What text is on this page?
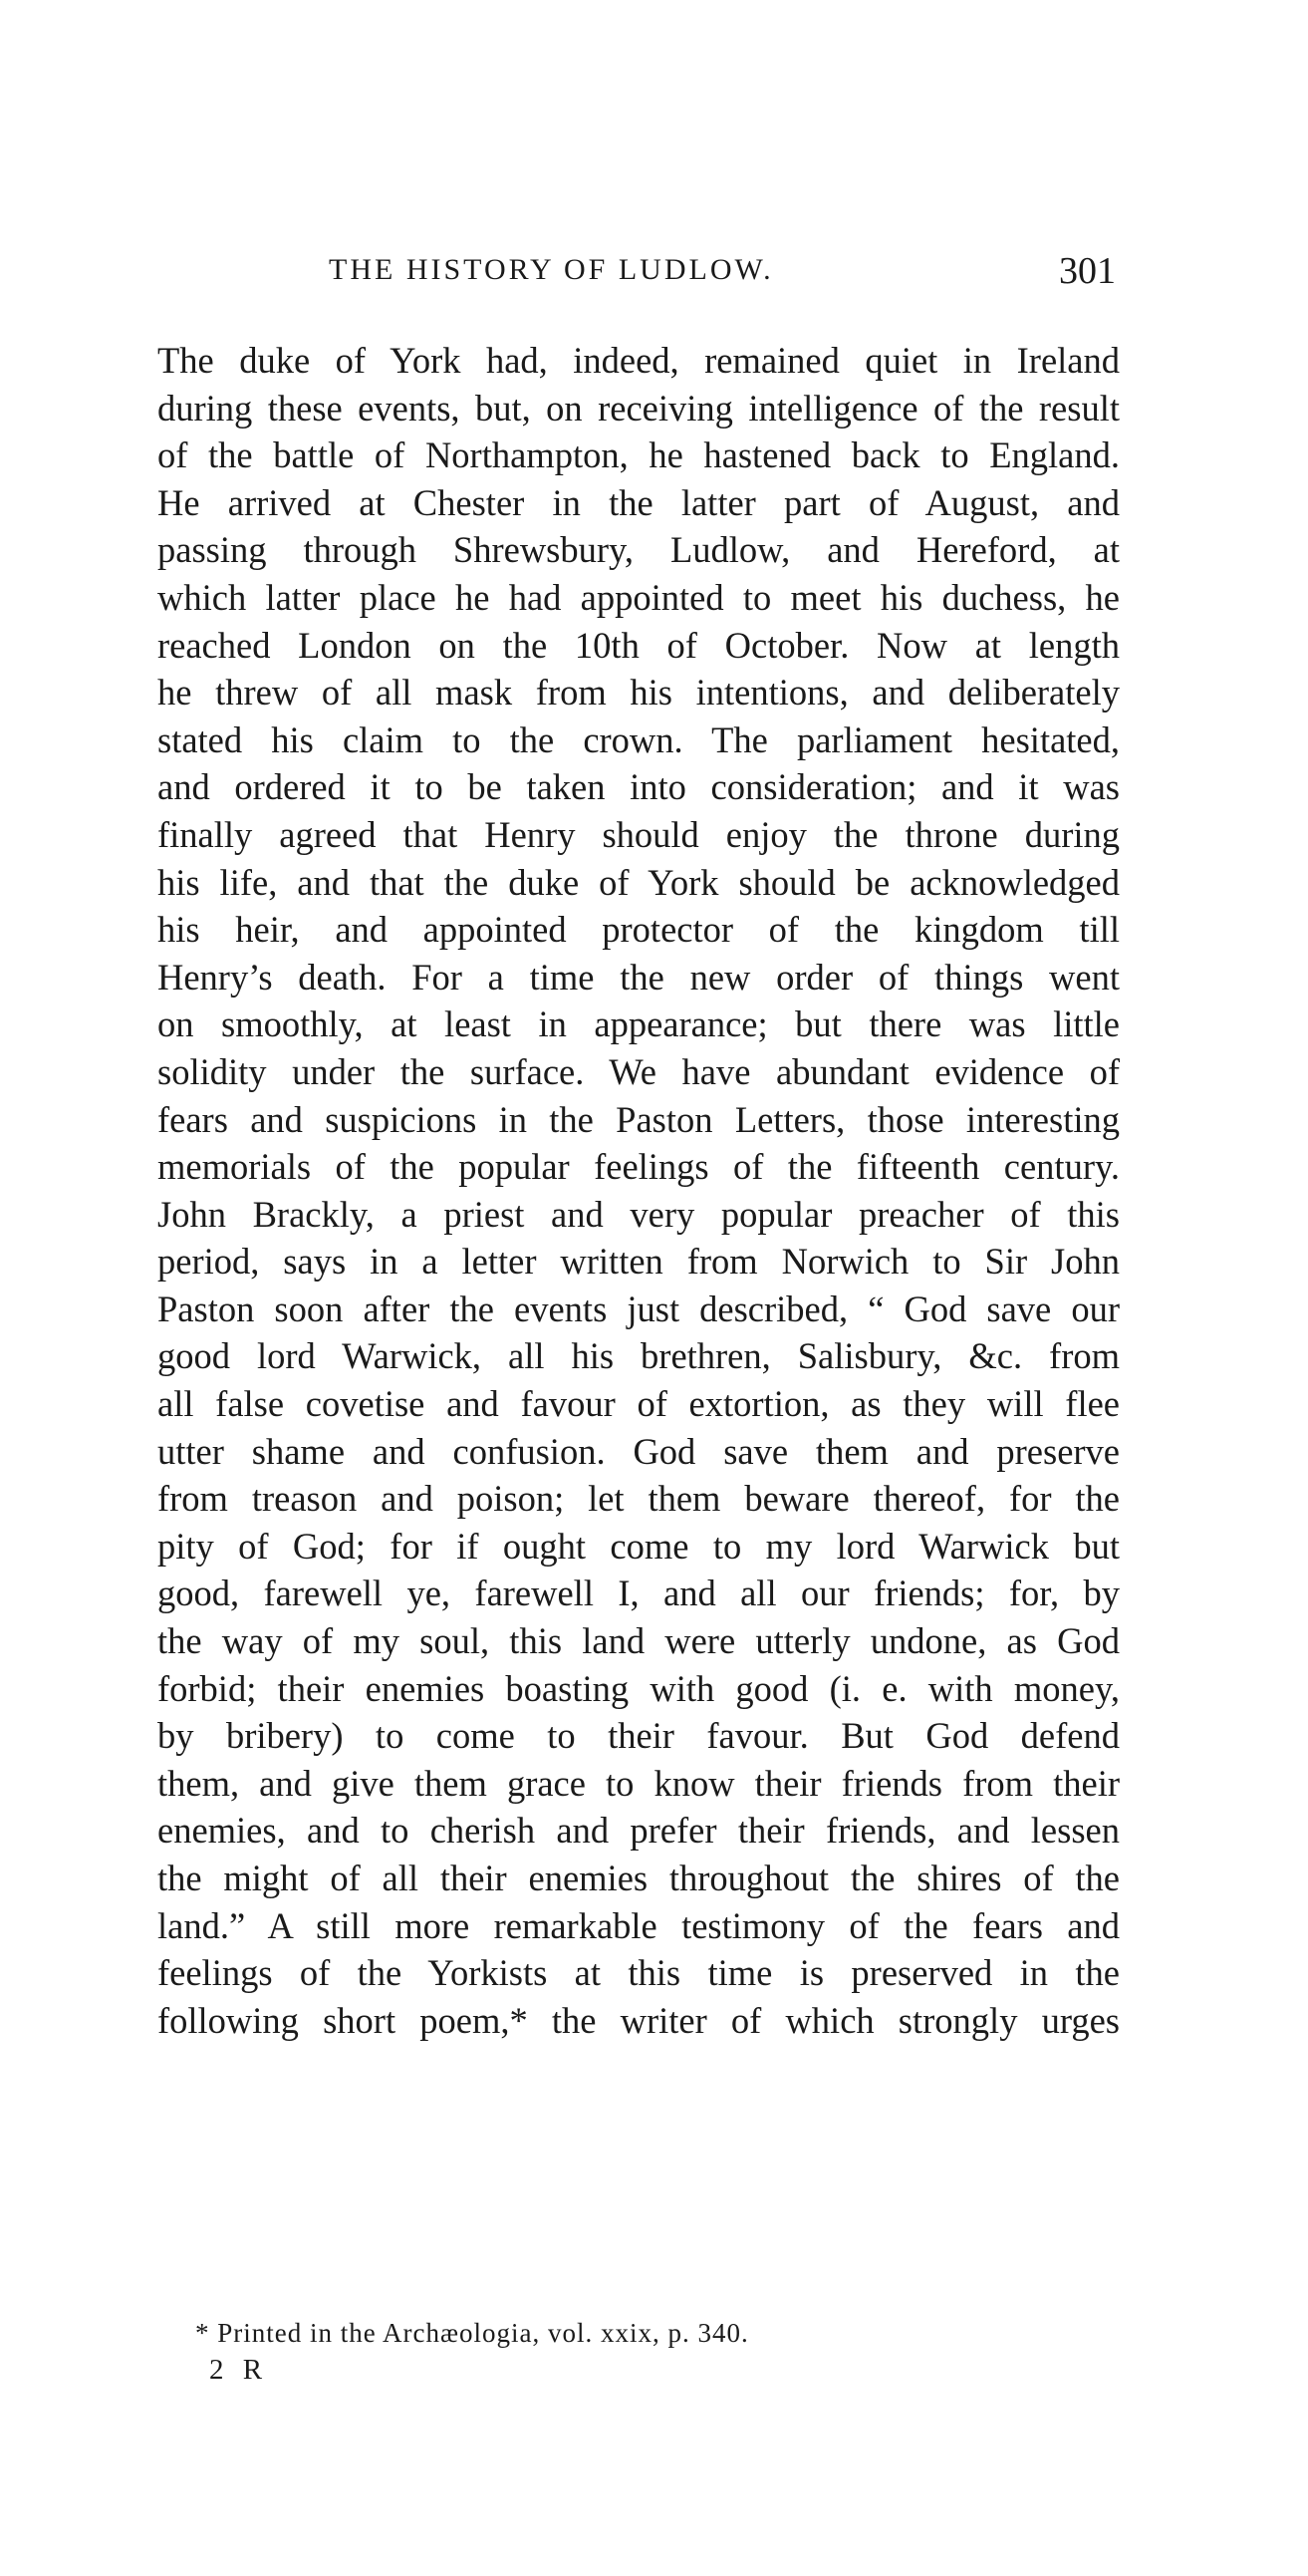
THE HISTORY OF LUDLOW.	301
The duke of York had, indeed, remained quiet in Ireland
during these events, but, on receiving intelligence of the result
of the battle of Northampton, he hastened back to England.
He arrived at Chester in the latter part of August, and
passing through Shrewsbury, Ludlow, and Hereford, at
which latter place he had appointed to meet his duchess, he
reached London on the 10th of October. Now at length
he threw of all mask from his intentions, and deliberately
stated his claim to the crown. The parliament hesitated,
and ordered it to be taken into consideration; and it was
finally agreed that Henry should enjoy the throne during
his life, and that the duke of York should be acknowledged
his heir, and appointed protector of the kingdom till
Henry’s death. For a time the new order of things went
on smoothly, at least in appearance; but there was little
solidity under the surface. We have abundant evidence of
fears and suspicions in the Paston Letters, those interesting
memorials of the popular feelings of the fifteenth century.
John Brackly, a priest and very popular preacher of this
period, says in a letter written from Norwich to Sir John
Paston soon after the events just described, “ God save our
good lord Warwick, all his brethren, Salisbury, &c. from
all false covetise and favour of extortion, as they will flee
utter shame and confusion. God save them and preserve
from treason and poison; let them beware thereof, for the
pity of God; for if ought come to my lord Warwick but
good, farewell ye, farewell I, and all our friends; for, by
the way of my soul, this land were utterly undone, as God
forbid; their enemies boasting with good (i. e. with money,
by bribery) to come to their favour. But God defend
them, and give them grace to know their friends from their
enemies, and to cherish and prefer their friends, and lessen
the might of all their enemies throughout the shires of the
land.” A still more remarkable testimony of the fears and
feelings of the Yorkists at this time is preserved in the
following short poem,* the writer of which strongly urges
* Printed in the Archæologia, vol. xxix, p. 340.
2 R
